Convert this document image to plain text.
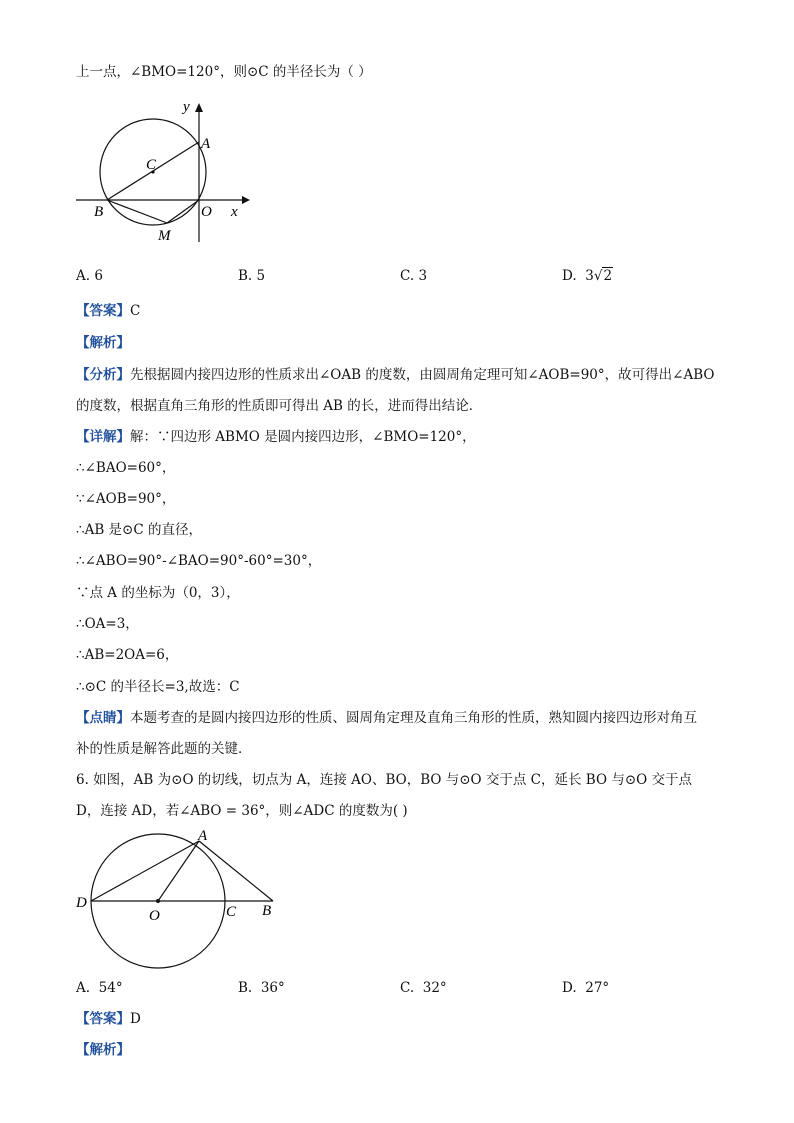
上一点，∠BMO=120°，则⊙C 的半径长为（ ）
y
A
C
B	O x
M
A. 6	B. 5	C. 3	D. 3√2
【答案】C
【解析】
【分析】先根据圆内接四边形的性质求出∠OAB 的度数，由圆周角定理可知∠AOB=90°，故可得出∠ABO
的度数，根据直角三角形的性质即可得出 AB 的长，进而得出结论．
【详解】解：∵四边形 ABMO 是圆内接四边形，∠BMO=120°，
∴∠BAO=60°，
∵∠AOB=90°，
∴AB 是⊙C 的直径，
∴∠ABO=90°-∠BAO=90°-60°=30°，
∵点 A 的坐标为（0，3），
∴OA=3，
∴AB=2OA=6，
∴⊙C 的半径长=3,故选：C
【点睛】本题考查的是圆内接四边形的性质、圆周角定理及直角三角形的性质，熟知圆内接四边形对角互
补的性质是解答此题的关键．
6. 如图，AB 为⊙O 的切线，切点为 A，连接 AO、BO，BO 与⊙O 交于点 C，延长 BO 与⊙O 交于点
D，连接 AD，若∠ABO = 36°，则∠ADC 的度数为( )
A
D
O	C B
A. 54°	B. 36°	C. 32°	D. 27°
【答案】D
【解析】
